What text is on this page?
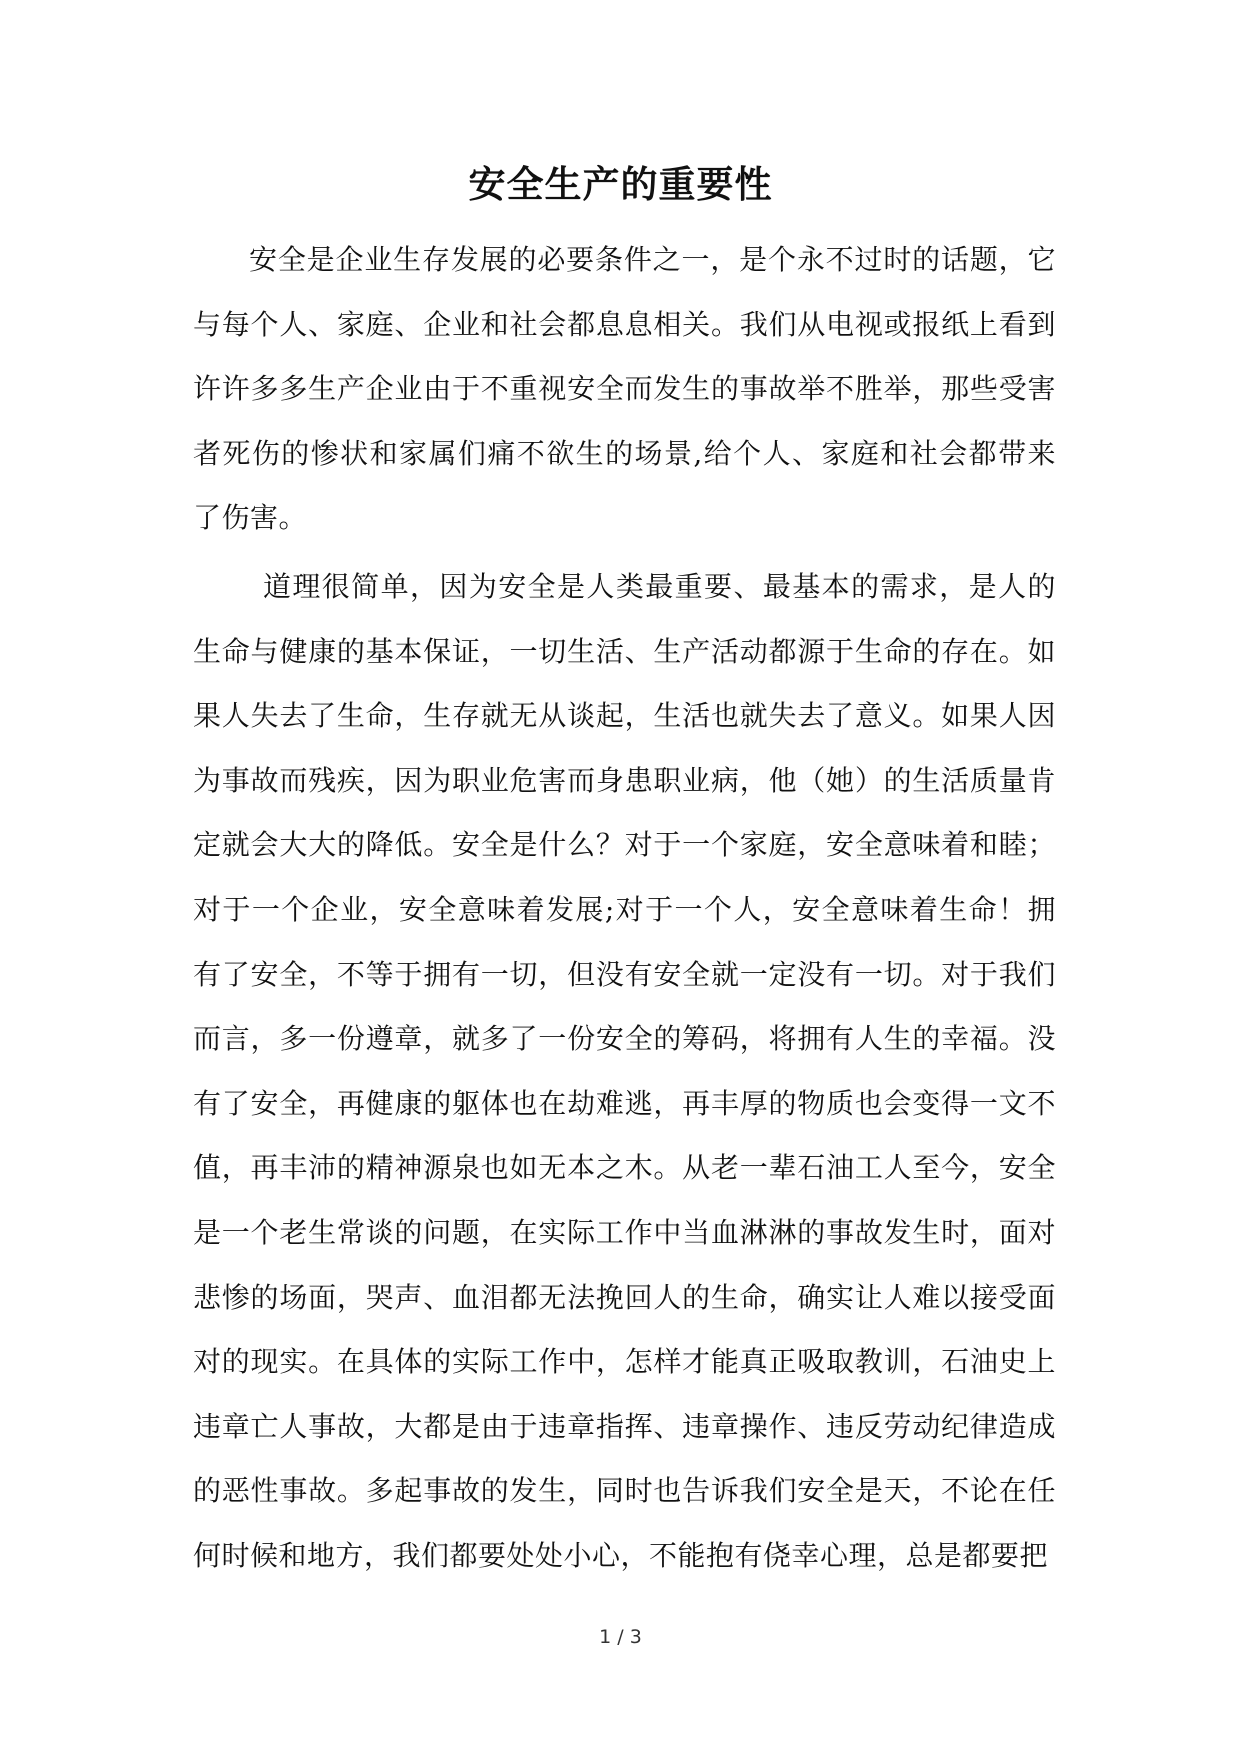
安全生产的重要性

安全是企业生存发展的必要条件之一，是个永不过时的话题，它与每个人、家庭、企业和社会都息息相关。我们从电视或报纸上看到许许多多生产企业由于不重视安全而发生的事故举不胜举，那些受害者死伤的惨状和家属们痛不欲生的场景,给个人、家庭和社会都带来了伤害。

道理很简单，因为安全是人类最重要、最基本的需求，是人的生命与健康的基本保证，一切生活、生产活动都源于生命的存在。如果人失去了生命，生存就无从谈起，生活也就失去了意义。如果人因为事故而残疾，因为职业危害而身患职业病，他（她）的生活质量肯定就会大大的降低。安全是什么？对于一个家庭，安全意味着和睦；对于一个企业，安全意味着发展;对于一个人，安全意味着生命！拥有了安全，不等于拥有一切，但没有安全就一定没有一切。对于我们而言，多一份遵章，就多了一份安全的筹码，将拥有人生的幸福。没有了安全，再健康的躯体也在劫难逃，再丰厚的物质也会变得一文不值，再丰沛的精神源泉也如无本之木。从老一辈石油工人至今，安全是一个老生常谈的问题，在实际工作中当血淋淋的事故发生时，面对悲惨的场面，哭声、血泪都无法挽回人的生命，确实让人难以接受面对的现实。在具体的实际工作中，怎样才能真正吸取教训，石油史上违章亡人事故，大都是由于违章指挥、违章操作、违反劳动纪律造成的恶性事故。多起事故的发生，同时也告诉我们安全是天，不论在任何时候和地方，我们都要处处小心，不能抱有侥幸心理，总是都要把

1 / 3
